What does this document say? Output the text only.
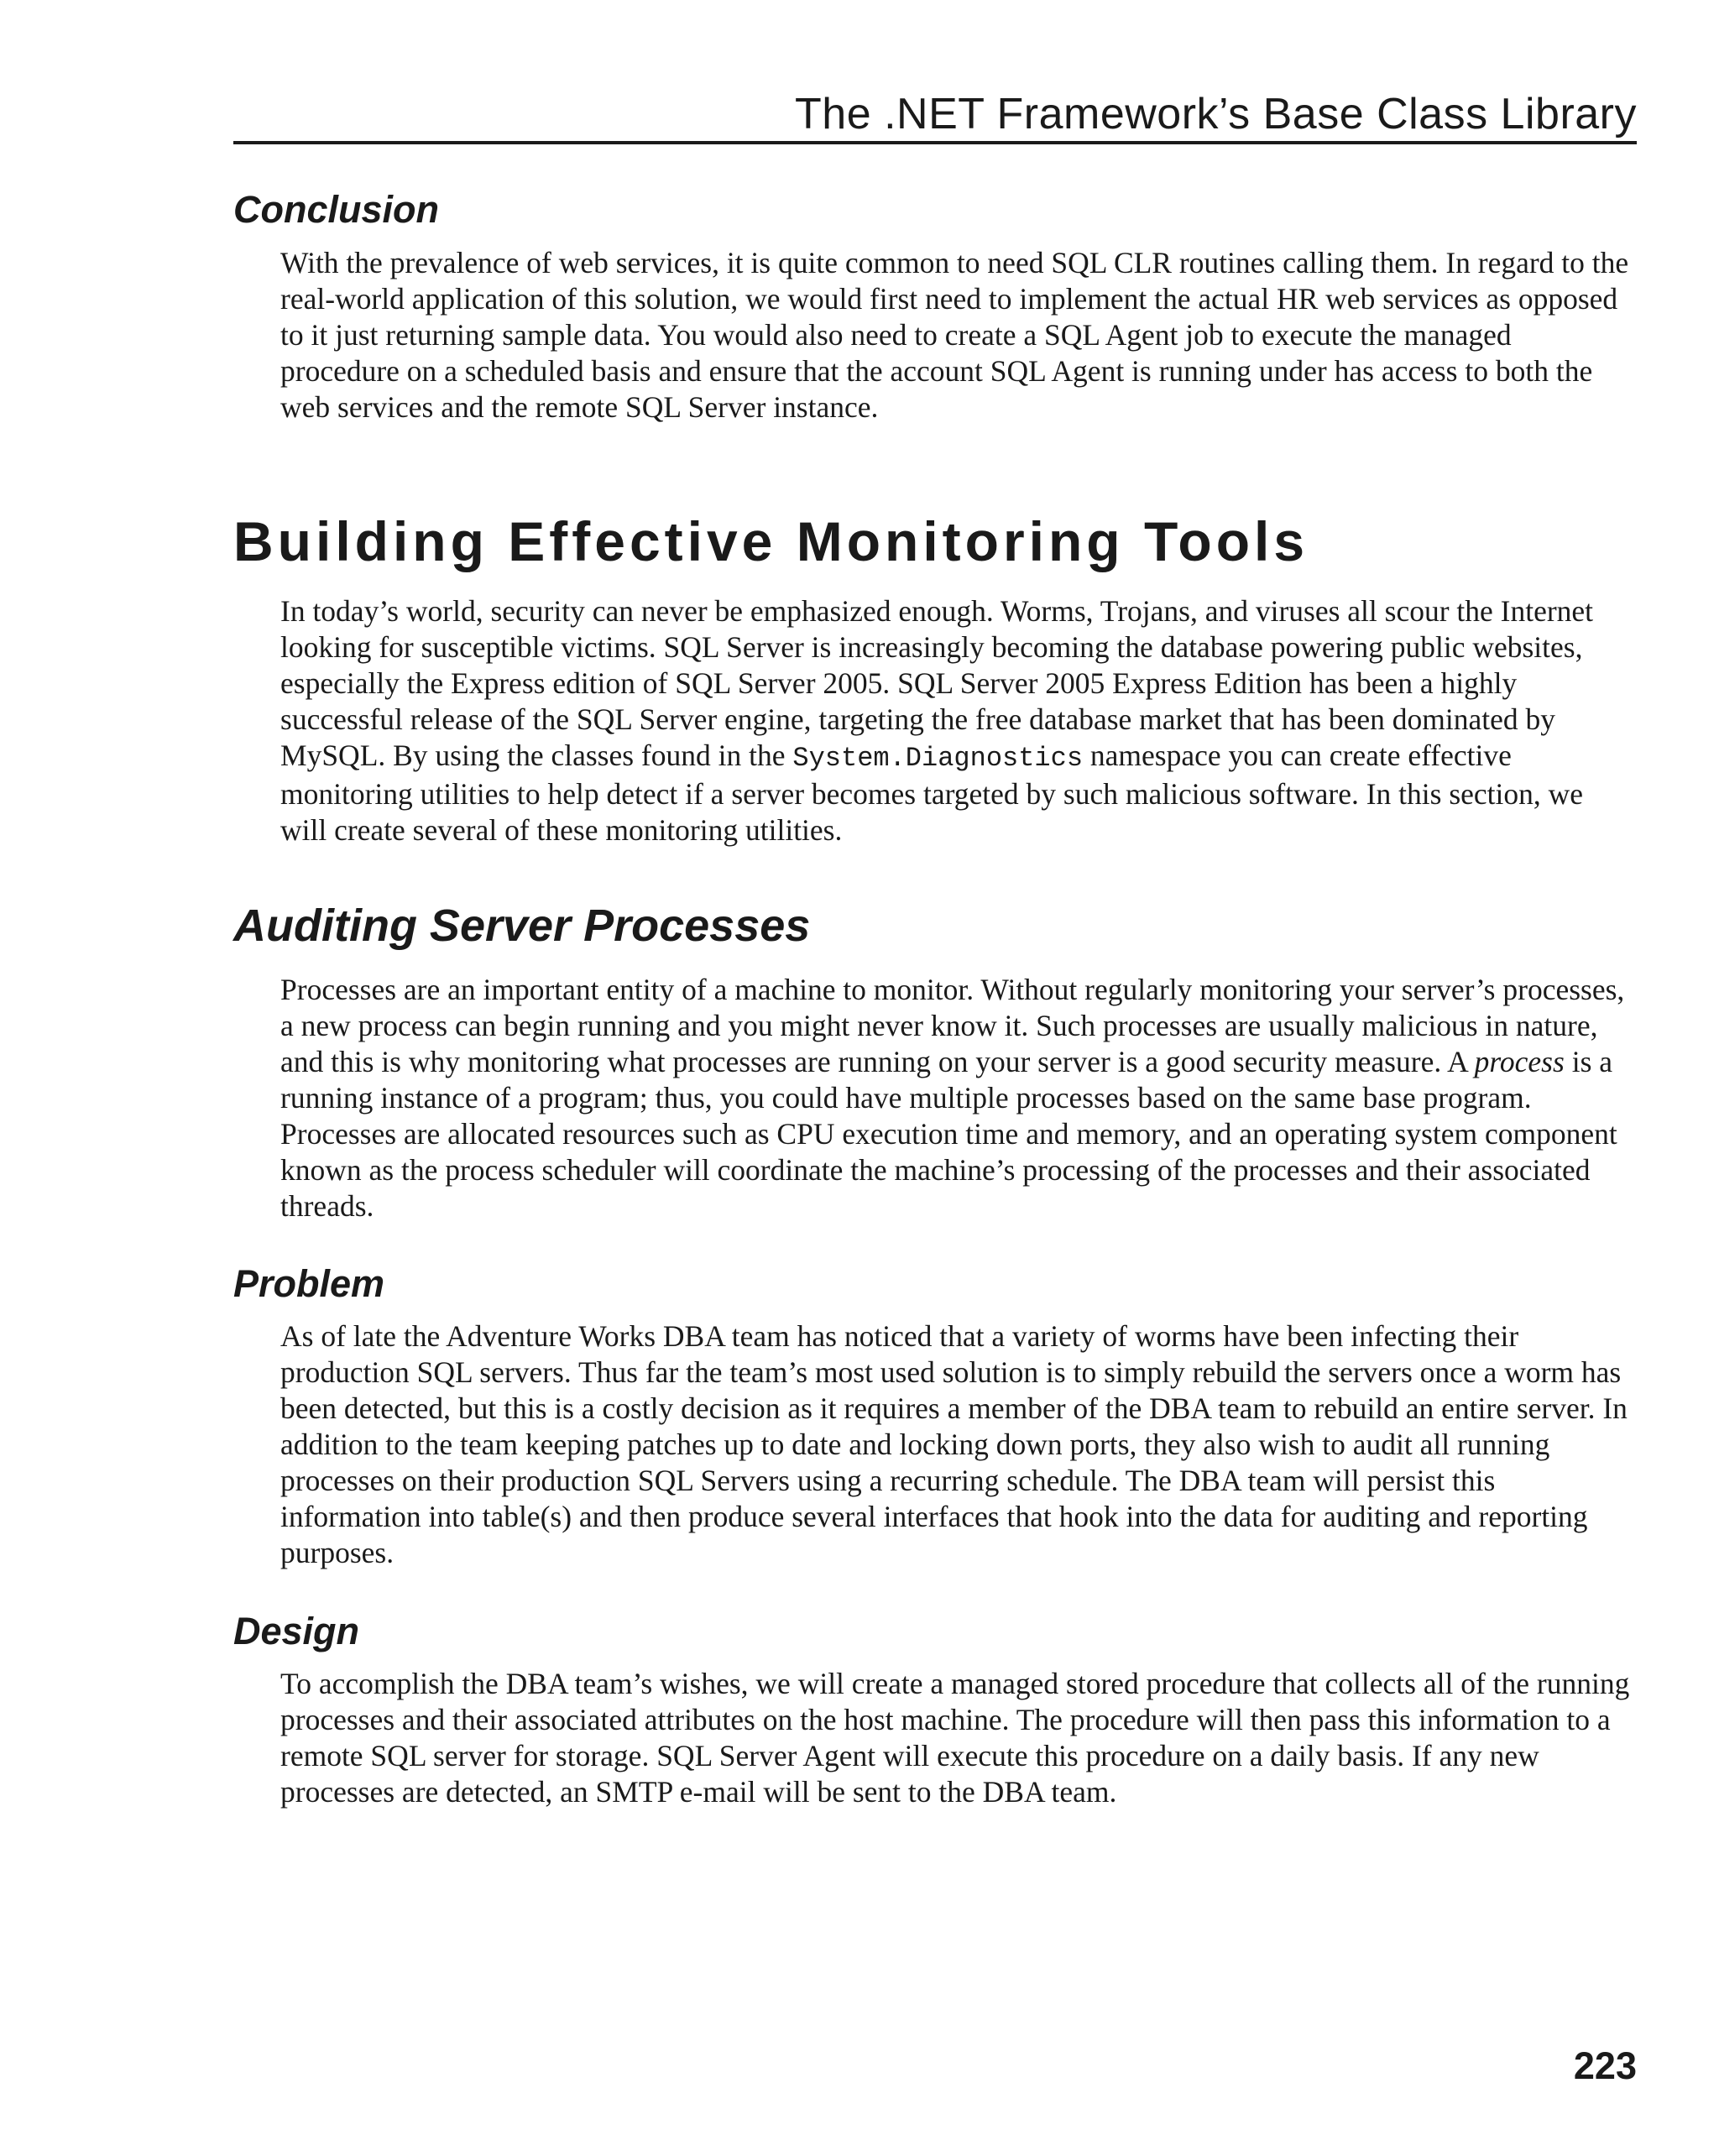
The .NET Framework’s Base Class Library
Conclusion

With the prevalence of web services, it is quite common to need SQL CLR routines calling them. In regard to the real-world application of this solution, we would first need to implement the actual HR web services as opposed to it just returning sample data. You would also need to create a SQL Agent job to execute the managed procedure on a scheduled basis and ensure that the account SQL Agent is running under has access to both the web services and the remote SQL Server instance.

Building Effective Monitoring Tools

In today’s world, security can never be emphasized enough. Worms, Trojans, and viruses all scour the Internet looking for susceptible victims. SQL Server is increasingly becoming the database powering public websites, especially the Express edition of SQL Server 2005. SQL Server 2005 Express Edition has been a highly successful release of the SQL Server engine, targeting the free database market that has been dominated by MySQL. By using the classes found in the System.Diagnostics namespace you can create effective monitoring utilities to help detect if a server becomes targeted by such malicious software. In this section, we will create several of these monitoring utilities.

Auditing Server Processes

Processes are an important entity of a machine to monitor. Without regularly monitoring your server’s processes, a new process can begin running and you might never know it. Such processes are usually malicious in nature, and this is why monitoring what processes are running on your server is a good security measure. A process is a running instance of a program; thus, you could have multiple processes based on the same base program. Processes are allocated resources such as CPU execution time and memory, and an operating system component known as the process scheduler will coordinate the machine’s processing of the processes and their associated threads.

Problem

As of late the Adventure Works DBA team has noticed that a variety of worms have been infecting their production SQL servers. Thus far the team’s most used solution is to simply rebuild the servers once a worm has been detected, but this is a costly decision as it requires a member of the DBA team to rebuild an entire server. In addition to the team keeping patches up to date and locking down ports, they also wish to audit all running processes on their production SQL Servers using a recurring schedule. The DBA team will persist this information into table(s) and then produce several interfaces that hook into the data for auditing and reporting purposes.

Design

To accomplish the DBA team’s wishes, we will create a managed stored procedure that collects all of the running processes and their associated attributes on the host machine. The procedure will then pass this information to a remote SQL server for storage. SQL Server Agent will execute this procedure on a daily basis. If any new processes are detected, an SMTP e-mail will be sent to the DBA team.

223
